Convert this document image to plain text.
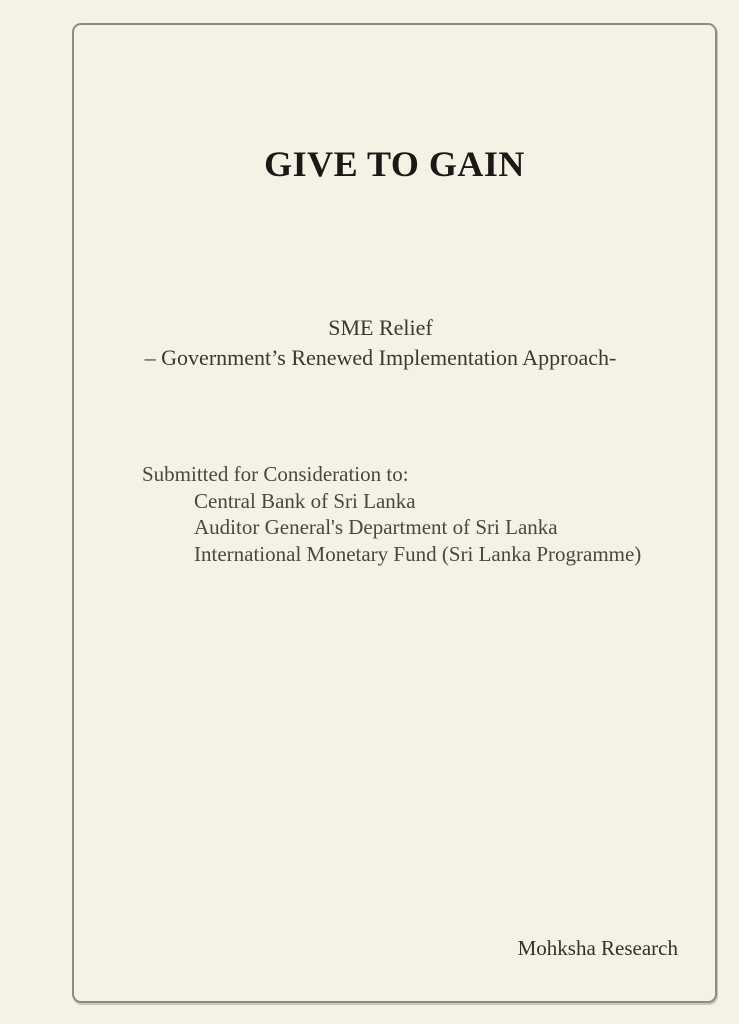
GIVE TO GAIN
SME Relief
– Government’s Renewed Implementation Approach-
Submitted for Consideration to:
Central Bank of Sri Lanka
Auditor General's Department of Sri Lanka
International Monetary Fund (Sri Lanka Programme)
Mohksha Research
